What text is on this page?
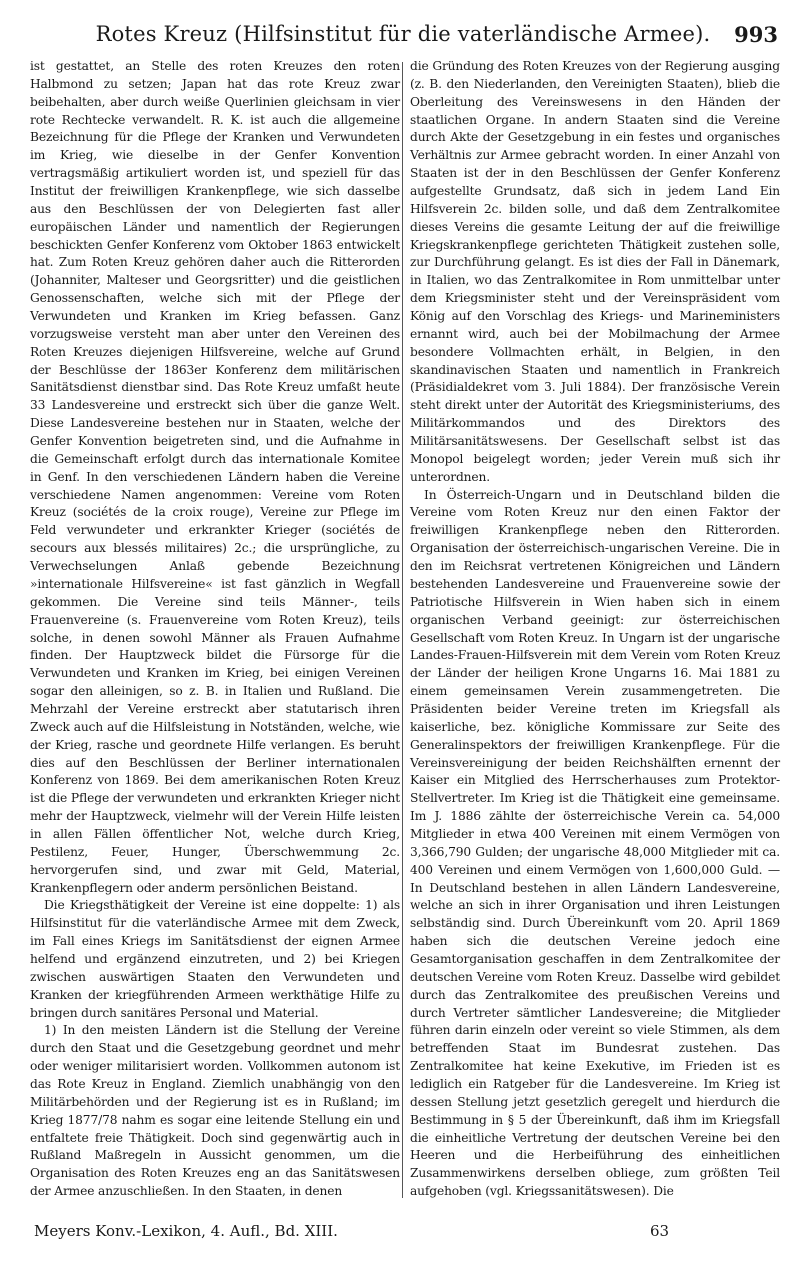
Rotes Kreuz (Hilfsinstitut für die vaterländische Armee).	993

ist gestattet, an Stelle des roten Kreuzes den roten Halbmond zu setzen; Japan hat das rote Kreuz zwar beibehalten, aber durch weiße Querlinien gleichsam in vier rote Rechtecke verwandelt. R. K. ist auch die allgemeine Bezeichnung für die Pflege der Kranken und Verwundeten im Krieg, wie dieselbe in der Genfer Konvention vertragsmäßig artikuliert worden ist, und speziell für das Institut der freiwilligen Krankenpflege, wie sich dasselbe aus den Beschlüssen der von Delegierten fast aller europäischen Länder und namentlich der Regierungen beschickten Genfer Konferenz vom Oktober 1863 entwickelt hat. Zum Roten Kreuz gehören daher auch die Ritterorden (Johanniter, Malteser und Georgsritter) und die geistlichen Genossenschaften, welche sich mit der Pflege der Verwundeten und Kranken im Krieg befassen. Ganz vorzugsweise versteht man aber unter den Vereinen des Roten Kreuzes diejenigen Hilfsvereine, welche auf Grund der Beschlüsse der 1863er Konferenz dem militärischen Sanitätsdienst dienstbar sind. Das Rote Kreuz umfaßt heute 33 Landesvereine und erstreckt sich über die ganze Welt. Diese Landesvereine bestehen nur in Staaten, welche der Genfer Konvention beigetreten sind, und die Aufnahme in die Gemeinschaft erfolgt durch das internationale Komitee in Genf. In den verschiedenen Ländern haben die Vereine verschiedene Namen angenommen: Vereine vom Roten Kreuz (sociétés de la croix rouge), Vereine zur Pflege im Feld verwundeter und erkrankter Krieger (sociétés de secours aux blessés militaires) 2c.; die ursprüngliche, zu Verwechselungen Anlaß gebende Bezeichnung »internationale Hilfsvereine« ist fast gänzlich in Wegfall gekommen. Die Vereine sind teils Männer-, teils Frauenvereine (s. Frauenvereine vom Roten Kreuz), teils solche, in denen sowohl Männer als Frauen Aufnahme finden. Der Hauptzweck bildet die Fürsorge für die Verwundeten und Kranken im Krieg, bei einigen Vereinen sogar den alleinigen, so z. B. in Italien und Rußland. Die Mehrzahl der Vereine erstreckt aber statutarisch ihren Zweck auch auf die Hilfsleistung in Notständen, welche, wie der Krieg, rasche und geordnete Hilfe verlangen. Es beruht dies auf den Beschlüssen der Berliner internationalen Konferenz von 1869. Bei dem amerikanischen Roten Kreuz ist die Pflege der verwundeten und erkrankten Krieger nicht mehr der Hauptzweck, vielmehr will der Verein Hilfe leisten in allen Fällen öffentlicher Not, welche durch Krieg, Pestilenz, Feuer, Hunger, Überschwemmung 2c. hervorgerufen sind, und zwar mit Geld, Material, Krankenpflegern oder anderm persönlichen Beistand.

Die Kriegsthätigkeit der Vereine ist eine doppelte: 1) als Hilfsinstitut für die vaterländische Armee mit dem Zweck, im Fall eines Kriegs im Sanitätsdienst der eignen Armee helfend und ergänzend einzutreten, und 2) bei Kriegen zwischen auswärtigen Staaten den Verwundeten und Kranken der kriegführenden Armeen werkthätige Hilfe zu bringen durch sanitäres Personal und Material.

1) In den meisten Ländern ist die Stellung der Vereine durch den Staat und die Gesetzgebung geordnet und mehr oder weniger militarisiert worden. Vollkommen autonom ist das Rote Kreuz in England. Ziemlich unabhängig von den Militärbehörden und der Regierung ist es in Rußland; im Krieg 1877/78 nahm es sogar eine leitende Stellung ein und entfaltete freie Thätigkeit. Doch sind gegenwärtig auch in Rußland Maßregeln in Aussicht genommen, um die Organisation des Roten Kreuzes eng an das Sanitätswesen der Armee anzuschließen. In den Staaten, in denen

die Gründung des Roten Kreuzes von der Regierung ausging (z. B. den Niederlanden, den Vereinigten Staaten), blieb die Oberleitung des Vereinswesens in den Händen der staatlichen Organe. In andern Staaten sind die Vereine durch Akte der Gesetzgebung in ein festes und organisches Verhältnis zur Armee gebracht worden. In einer Anzahl von Staaten ist der in den Beschlüssen der Genfer Konferenz aufgestellte Grundsatz, daß sich in jedem Land Ein Hilfsverein 2c. bilden solle, und daß dem Zentralkomitee dieses Vereins die gesamte Leitung der auf die freiwillige Kriegskrankenpflege gerichteten Thätigkeit zustehen solle, zur Durchführung gelangt. Es ist dies der Fall in Dänemark, in Italien, wo das Zentralkomitee in Rom unmittelbar unter dem Kriegsminister steht und der Vereinspräsident vom König auf den Vorschlag des Kriegs- und Marineministers ernannt wird, auch bei der Mobilmachung der Armee besondere Vollmachten erhält, in Belgien, in den skandinavischen Staaten und namentlich in Frankreich (Präsidialdekret vom 3. Juli 1884). Der französische Verein steht direkt unter der Autorität des Kriegsministeriums, des Militärkommandos und des Direktors des Militärsanitätswesens. Der Gesellschaft selbst ist das Monopol beigelegt worden; jeder Verein muß sich ihr unterordnen.

In Österreich-Ungarn und in Deutschland bilden die Vereine vom Roten Kreuz nur den einen Faktor der freiwilligen Krankenpflege neben den Ritterorden. Organisation der österreichisch-ungarischen Vereine. Die in den im Reichsrat vertretenen Königreichen und Ländern bestehenden Landesvereine und Frauenvereine sowie der Patriotische Hilfsverein in Wien haben sich in einem organischen Verband geeinigt: zur österreichischen Gesellschaft vom Roten Kreuz. In Ungarn ist der ungarische Landes-Frauen-Hilfsverein mit dem Verein vom Roten Kreuz der Länder der heiligen Krone Ungarns 16. Mai 1881 zu einem gemeinsamen Verein zusammengetreten. Die Präsidenten beider Vereine treten im Kriegsfall als kaiserliche, bez. königliche Kommissare zur Seite des Generalinspektors der freiwilligen Krankenpflege. Für die Vereinsvereinigung der beiden Reichshälften ernennt der Kaiser ein Mitglied des Herrscherhauses zum Protektor-Stellvertreter. Im Krieg ist die Thätigkeit eine gemeinsame. Im J. 1886 zählte der österreichische Verein ca. 54,000 Mitglieder in etwa 400 Vereinen mit einem Vermögen von 3,366,790 Gulden; der ungarische 48,000 Mitglieder mit ca. 400 Vereinen und einem Vermögen von 1,600,000 Guld. — In Deutschland bestehen in allen Ländern Landesvereine, welche an sich in ihrer Organisation und ihren Leistungen selbständig sind. Durch Übereinkunft vom 20. April 1869 haben sich die deutschen Vereine jedoch eine Gesamtorganisation geschaffen in dem Zentralkomitee der deutschen Vereine vom Roten Kreuz. Dasselbe wird gebildet durch das Zentralkomitee des preußischen Vereins und durch Vertreter sämtlicher Landesvereine; die Mitglieder führen darin einzeln oder vereint so viele Stimmen, als dem betreffenden Staat im Bundesrat zustehen. Das Zentralkomitee hat keine Exekutive, im Frieden ist es lediglich ein Ratgeber für die Landesvereine. Im Krieg ist dessen Stellung jetzt gesetzlich geregelt und hierdurch die Bestimmung in § 5 der Übereinkunft, daß ihm im Kriegsfall die einheitliche Vertretung der deutschen Vereine bei den Heeren und die Herbeiführung des einheitlichen Zusammenwirkens derselben obliege, zum größten Teil aufgehoben (vgl. Kriegssanitätswesen). Die

Meyers Konv.-Lexikon, 4. Aufl., Bd. XIII.	63
